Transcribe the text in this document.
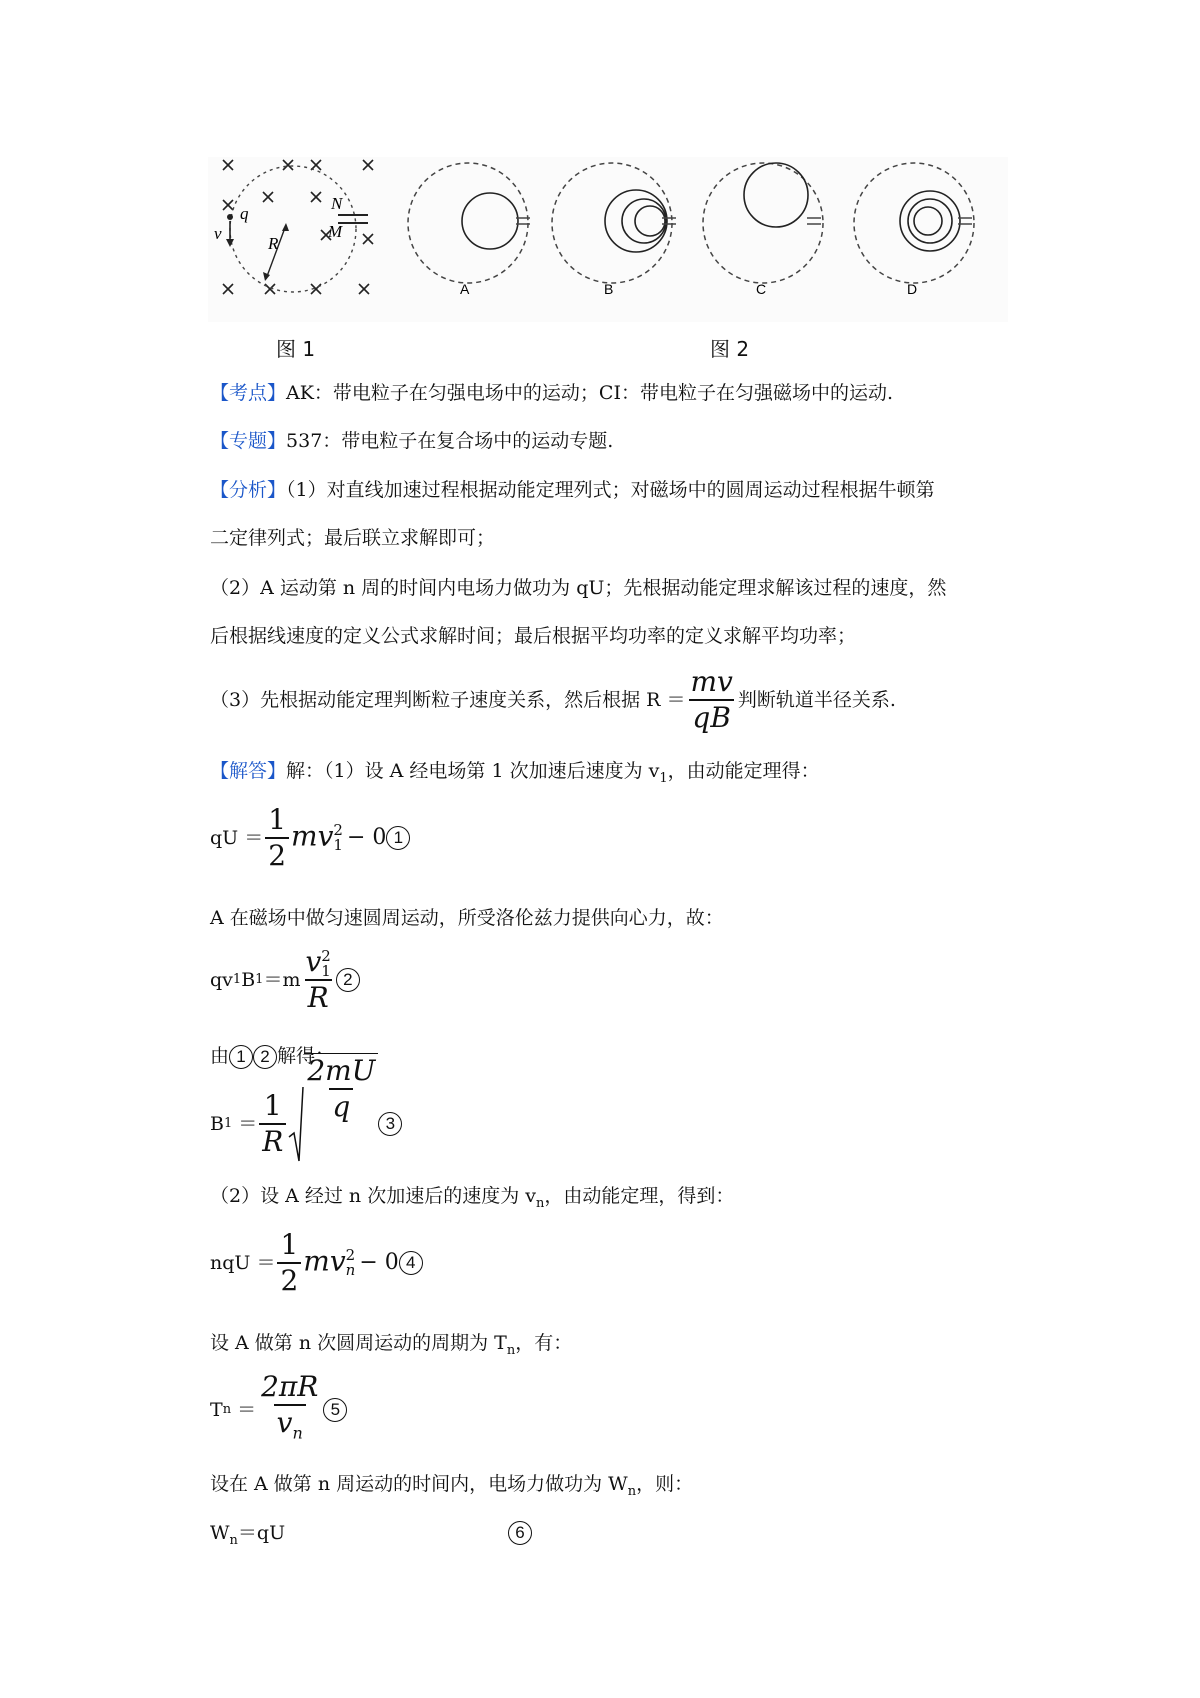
q
v
R
N
M
A	B	C	D
图 1	图 2
【考点】AK：带电粒子在匀强电场中的运动；CI：带电粒子在匀强磁场中的运动.
【专题】537：带电粒子在复合场中的运动专题.
【分析】（1）对直线加速过程根据动能定理列式；对磁场中的圆周运动过程根据牛顿第
二定律列式；最后联立求解即可；
（2）A 运动第 n 周的时间内电场力做功为 qU；先根据动能定理求解该过程的速度，然
后根据线速度的定义公式求解时间；最后根据平均功率的定义求解平均功率；
（3）先根据动能定理判断粒子速度关系，然后根据 $R = \frac{mv}{qB}$ 判断轨道半径关系.
【解答】解：（1）设 A 经电场第 1 次加速后速度为 $v_1$，由动能定理得：
qU ＝ $\frac{1}{2}$ mv 2
1 − 0 1
A 在磁场中做匀速圆周运动，所受洛伦兹力提供向心力，故：
qv 1 B 1 ＝m v 2
1
R 2
由 1 2 解得：
B $1 = \frac{1}{R}$
$\frac{2mU}{q} 3$
（2）设 A 经过 n 次加速后的速度为 $v_n$，由动能定理，得到：
nqU ＝ $\frac{1}{2}$ mv 2
n − 0 4
设 A 做第 n 次圆周运动的周期为 $T_n$，有：
T $n = \frac{2\pi R}{v_n} 5$
设在 A 做第 n 周运动的时间内，电场力做功为 $W_n$，则：
$W_n=qU$	6
